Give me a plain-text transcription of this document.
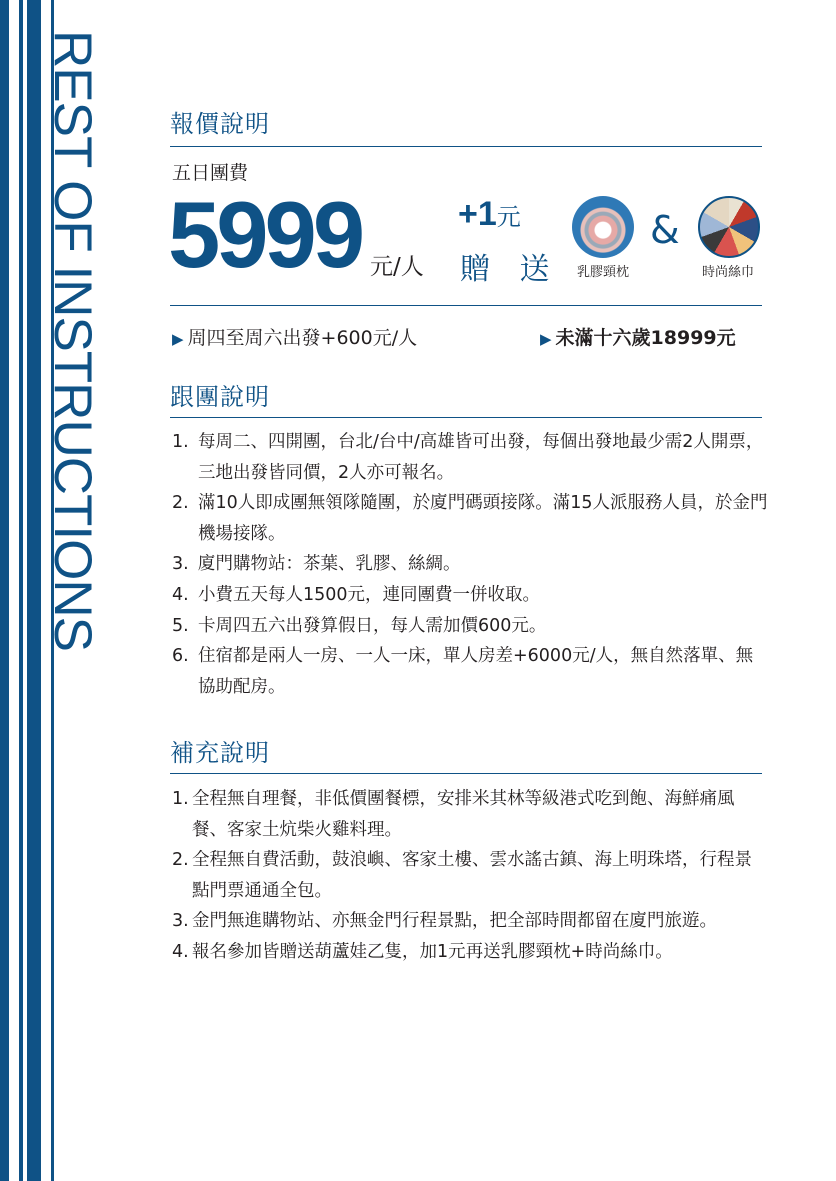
REST OF INSTRUCTIONS	報價說明
五日團費
5999 元/人
+1元
贈 送	乳膠頸枕
&
時尚絲巾
▶ 周四至周六出發+600元/人	▶ 未滿十六歲18999元
跟團說明
1. 每周二、四開團，台北/台中/高雄皆可出發，每個出發地最少需2人開票，三地出發皆同價，2人亦可報名。
2. 滿10人即成團無領隊隨團，於廈門碼頭接隊。滿15人派服務人員，於金門機場接隊。
3. 廈門購物站：茶葉、乳膠、絲綢。
4. 小費五天每人1500元，連同團費一併收取。
5. 卡周四五六出發算假日，每人需加價600元。
6. 住宿都是兩人一房、一人一床，單人房差+6000元/人，無自然落單、無協助配房。
補充說明
1. 全程無自理餐，非低價團餐標，安排米其林等級港式吃到飽、海鮮痛風餐、客家土炕柴火雞料理。
2. 全程無自費活動，鼓浪嶼、客家土樓、雲水謠古鎮、海上明珠塔，行程景點門票通通全包。
3. 金門無進購物站、亦無金門行程景點，把全部時間都留在廈門旅遊。
4. 報名參加皆贈送葫蘆娃乙隻，加1元再送乳膠頸枕+時尚絲巾。
